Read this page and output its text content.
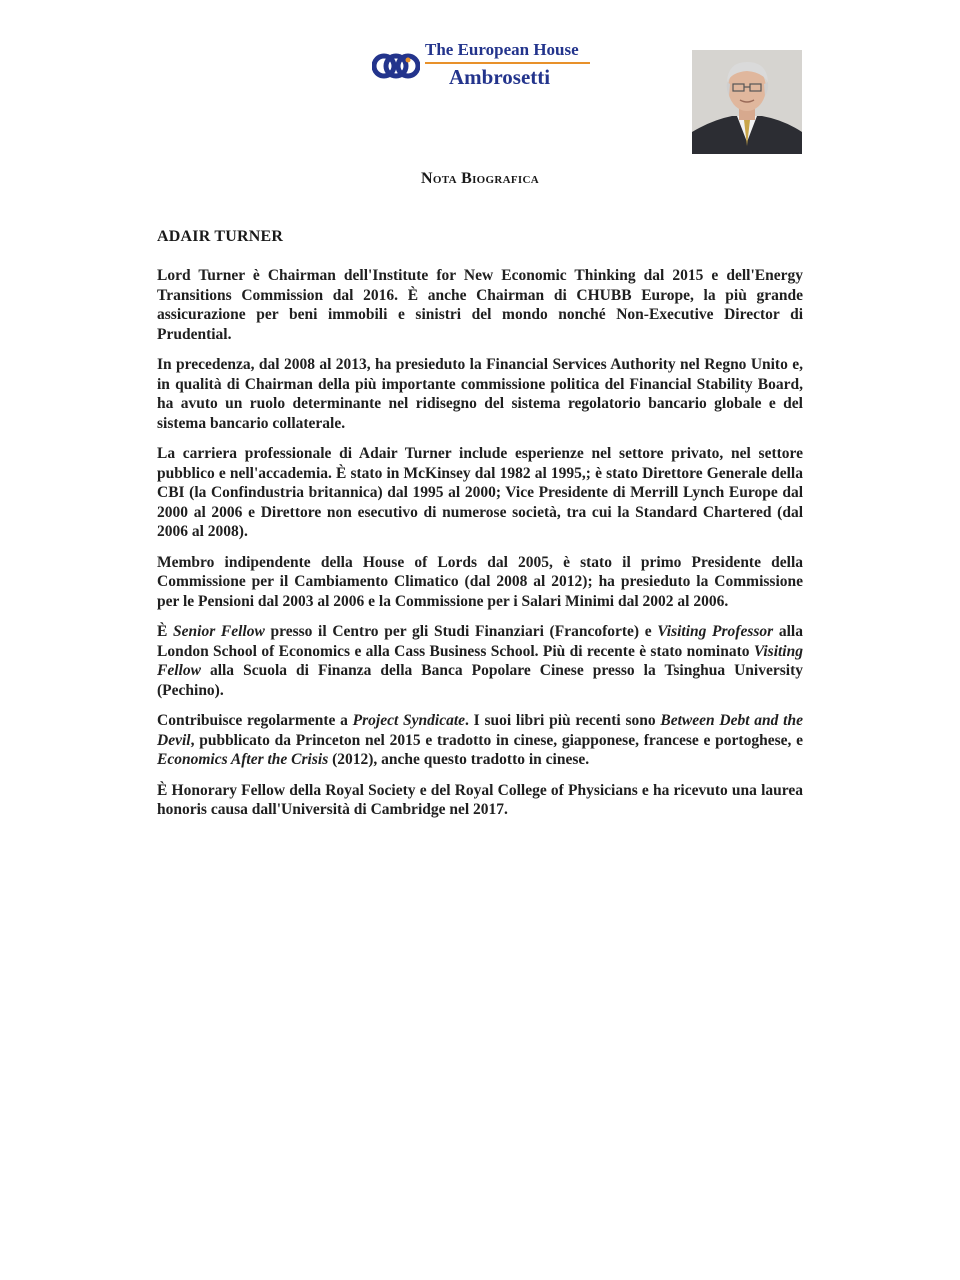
The European House
Ambrosetti
Nota Biografica
ADAIR TURNER

Lord Turner è Chairman dell'Institute for New Economic Thinking dal 2015 e dell'Energy Transitions Commission dal 2016. È anche Chairman di CHUBB Europe, la più grande assicurazione per beni immobili e sinistri del mondo nonché Non-Executive Director di Prudential.

In precedenza, dal 2008 al 2013, ha presieduto la Financial Services Authority nel Regno Unito e, in qualità di Chairman della più importante commissione politica del Financial Stability Board, ha avuto un ruolo determinante nel ridisegno del sistema regolatorio bancario globale e del sistema bancario collaterale.

La carriera professionale di Adair Turner include esperienze nel settore privato, nel settore pubblico e nell'accademia. È stato in McKinsey dal 1982 al 1995,; è stato Direttore Generale della CBI (la Confindustria britannica) dal 1995 al 2000; Vice Presidente di Merrill Lynch Europe dal 2000 al 2006 e Direttore non esecutivo di numerose società, tra cui la Standard Chartered (dal 2006 al 2008).

Membro indipendente della House of Lords dal 2005, è stato il primo Presidente della Commissione per il Cambiamento Climatico (dal 2008 al 2012); ha presieduto la Commissione per le Pensioni dal 2003 al 2006 e la Commissione per i Salari Minimi dal 2002 al 2006.

È Senior Fellow presso il Centro per gli Studi Finanziari (Francoforte) e Visiting Professor alla London School of Economics e alla Cass Business School. Più di recente è stato nominato Visiting Fellow alla Scuola di Finanza della Banca Popolare Cinese presso la Tsinghua University (Pechino).

Contribuisce regolarmente a Project Syndicate. I suoi libri più recenti sono Between Debt and the Devil, pubblicato da Princeton nel 2015 e tradotto in cinese, giapponese, francese e portoghese, e Economics After the Crisis (2012), anche questo tradotto in cinese.

È Honorary Fellow della Royal Society e del Royal College of Physicians e ha ricevuto una laurea honoris causa dall'Università di Cambridge nel 2017.
